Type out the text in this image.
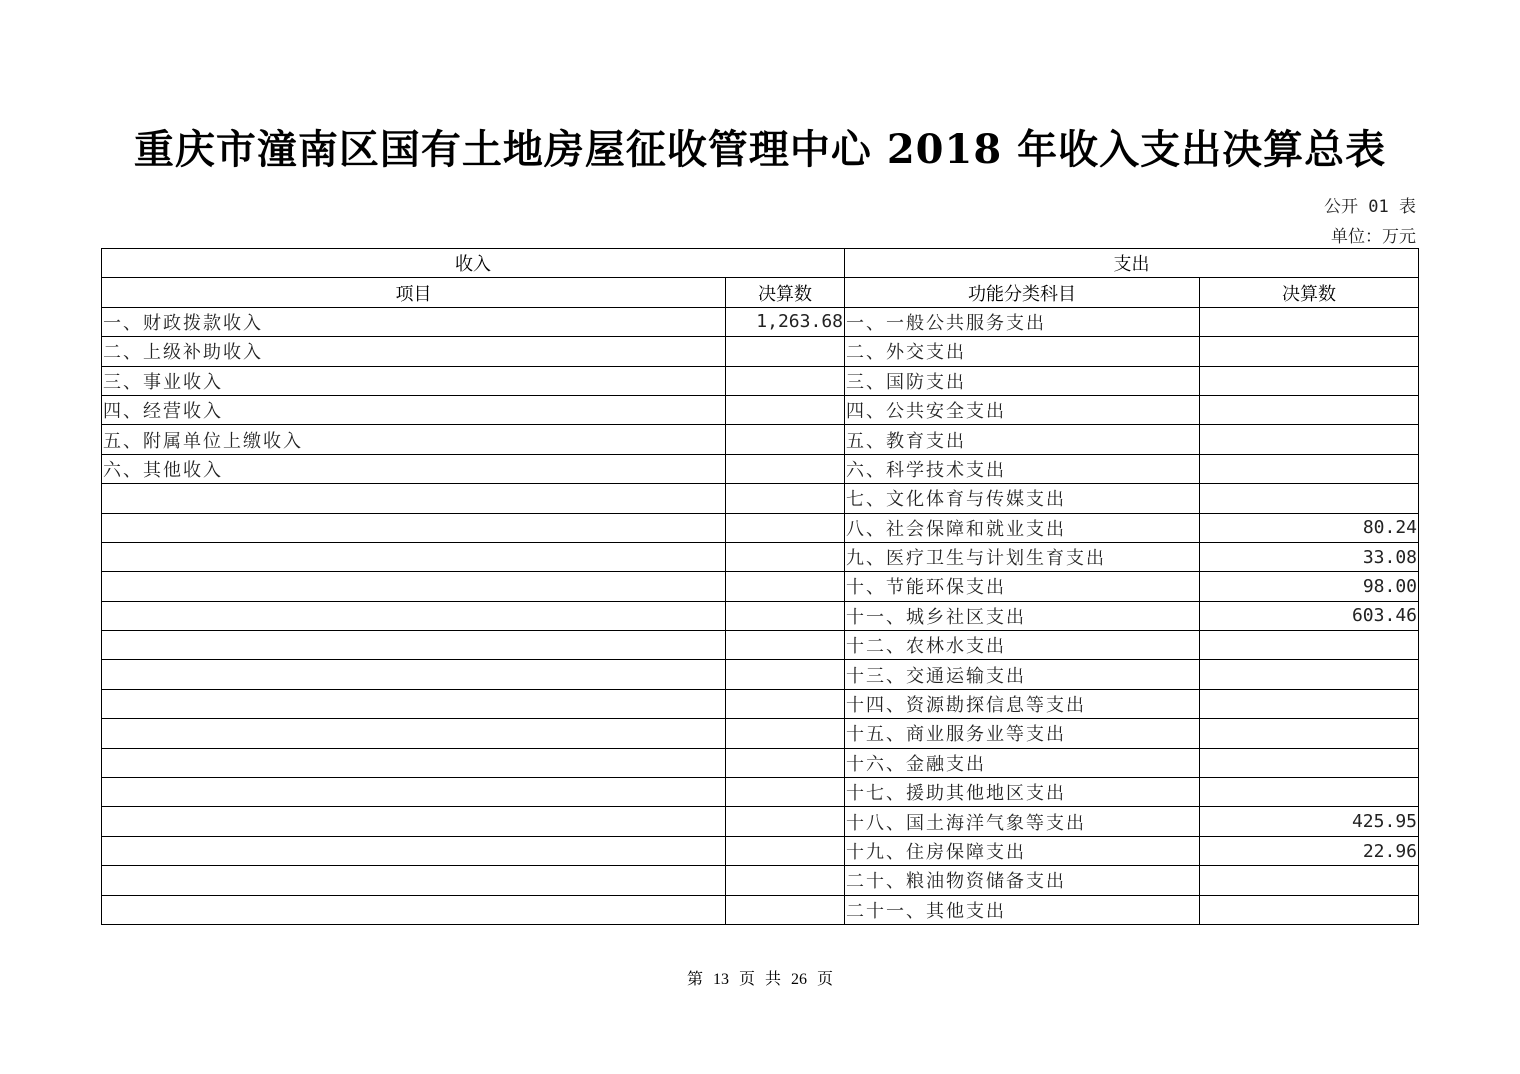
重庆市潼南区国有土地房屋征收管理中心 2018 年收入支出决算总表
公开 01 表
单位：万元
收入		支出	
项目	决算数	功能分类科目	决算数
一、财政拨款收入	1,263.68	一、一般公共服务支出	
二、上级补助收入		二、外交支出	
三、事业收入		三、国防支出	
四、经营收入		四、公共安全支出	
五、附属单位上缴收入		五、教育支出	
六、其他收入		六、科学技术支出	
		七、文化体育与传媒支出	
		八、社会保障和就业支出	80.24
		九、医疗卫生与计划生育支出	33.08
		十、节能环保支出	98.00
		十一、城乡社区支出	603.46
		十二、农林水支出	
		十三、交通运输支出	
		十四、资源勘探信息等支出	
		十五、商业服务业等支出	
		十六、金融支出	
		十七、援助其他地区支出	
		十八、国土海洋气象等支出	425.95
		十九、住房保障支出	22.96
		二十、粮油物资储备支出	
		二十一、其他支出	
第 13 页 共 26 页
